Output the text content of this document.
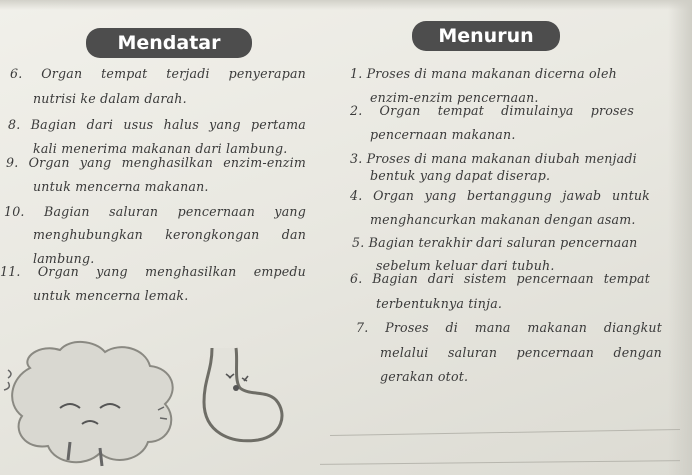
Mendatar	Menurun
6. Organ tempat terjadi penyerapan
nutrisi ke dalam darah.
8. Bagian dari usus halus yang pertama
kali menerima makanan dari lambung.
9. Organ yang menghasilkan enzim-enzim
untuk mencerna makanan.
10. Bagian saluran pencernaan yang
menghubungkan kerongkongan dan
lambung.
11. Organ yang menghasilkan empedu
untuk mencerna lemak.
1. Proses di mana makanan dicerna oleh
enzim-enzim pencernaan.
2. Organ tempat dimulainya proses
pencernaan makanan.
3. Proses di mana makanan diubah menjadi
bentuk yang dapat diserap.
4. Organ yang bertanggung jawab untuk
menghancurkan makanan dengan asam.
5. Bagian terakhir dari saluran pencernaan
sebelum keluar dari tubuh.
6. Bagian dari sistem pencernaan tempat
terbentuknya tinja.
7. Proses di mana makanan diangkut
melalui saluran pencernaan dengan
gerakan otot.
